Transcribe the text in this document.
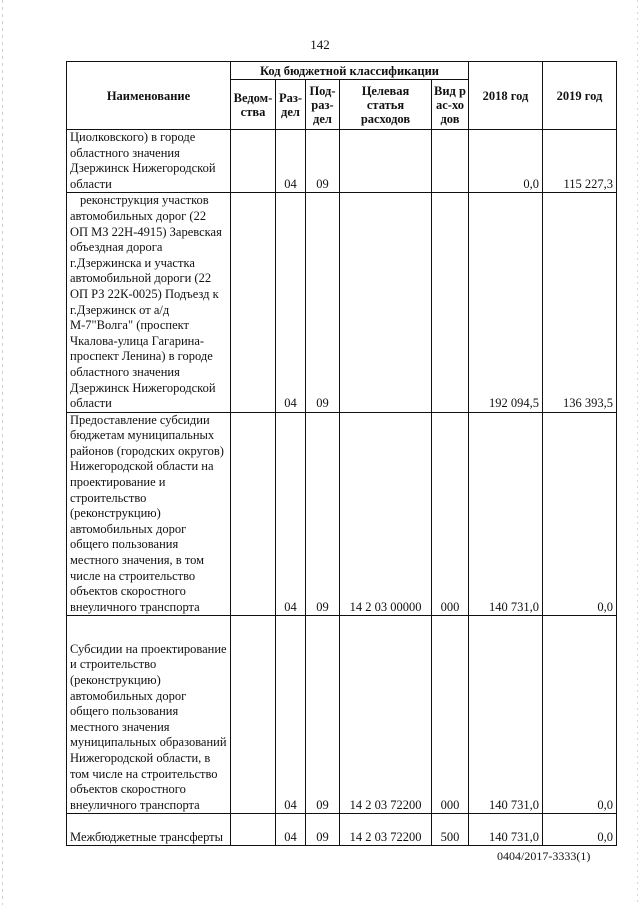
142
Наименование	Код бюджетной классификации					2018 год	2019 год
	Ведом-ства	Раз-дел	Под-раз-дел	Целевая статья расходов	Вид рас-ходов		

Циолковского) в городе областного значения Дзержинск Нижегородской области		04	09			0,0	115 227,3

реконструкция участков автомобильных дорог (22 ОП МЗ 22Н-4915) Заревская объездная дорога г.Дзержинска и участка автомобильной дороги (22 ОП РЗ 22К-0025) Подъезд к г.Дзержинск от а/д М-7"Волга" (проспект Чкалова-улица Гагарина-проспект Ленина) в городе областного значения Дзержинск Нижегородской области		04	09			192 094,5	136 393,5

Предоставление субсидии бюджетам муниципальных районов (городских округов) Нижегородской области на проектирование и строительство (реконструкцию) автомобильных дорог общего пользования местного значения, в том числе на строительство объектов скоростного внеуличного транспорта		04	09	14 2 03 00000	000	140 731,0	0,0

Субсидии на проектирование и строительство (реконструкцию) автомобильных дорог общего пользования местного значения муниципальных образований Нижегородской области, в том числе на строительство объектов скоростного внеуличного транспорта		04	09	14 2 03 72200	000	140 731,0	0,0

Межбюджетные трансферты		04	09	14 2 03 72200	500	140 731,0	0,0
0404/2017-3333(1)
